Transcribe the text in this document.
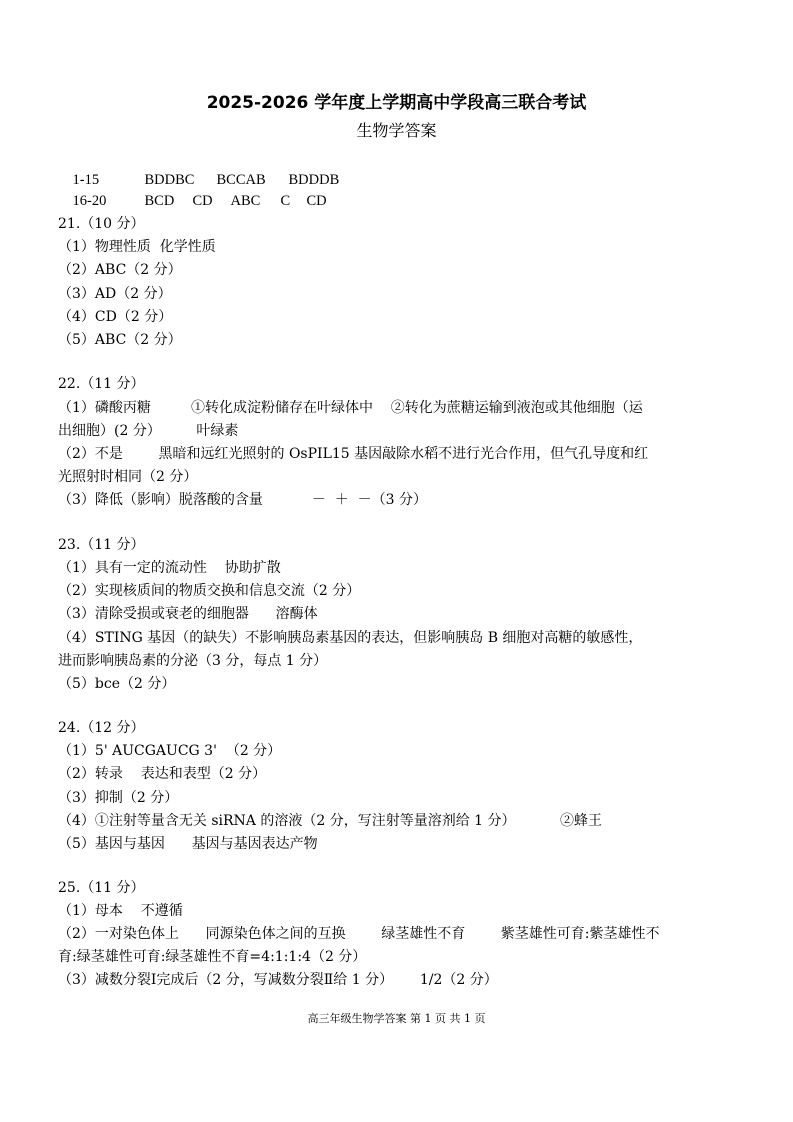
2025-2026 学年度上学期高中学段高三联合考试
生物学答案

1-15	BDDBC BCCAB BDDDB

16-20	BCD CD ABC C CD

21.（10 分）
（1）物理性质  化学性质
（2）ABC（2 分）
（3）AD（2 分）
（4）CD（2 分）
（5）ABC（2 分）
22.（11 分）
（1）磷酸丙糖         ①转化成淀粉储存在叶绿体中    ②转化为蔗糖运输到液泡或其他细胞（运
出细胞）(2 分）        叶绿素
（2）不是        黑暗和远红光照射的 OsPIL15 基因敲除水稻不进行光合作用，但气孔导度和红
光照射时相同（2 分）
（3）降低（影响）脱落酸的含量           －  ＋  －（3 分）
23.（11 分）
（1）具有一定的流动性    协助扩散
（2）实现核质间的物质交换和信息交流（2 分）
（3）清除受损或衰老的细胞器      溶酶体
（4）STING 基因（的缺失）不影响胰岛素基因的表达，但影响胰岛 B 细胞对高糖的敏感性，
进而影响胰岛素的分泌（3 分，每点 1 分）
（5）bce（2 分）
24.（12 分）
（1）5' AUCGAUCG 3'  （2 分）
（2）转录    表达和表型（2 分）
（3）抑制（2 分）
（4）①注射等量含无关 siRNA 的溶液（2 分，写注射等量溶剂给 1 分）          ②蜂王
（5）基因与基因      基因与基因表达产物
25.（11 分）
（1）母本    不遵循
（2）一对染色体上      同源染色体之间的互换        绿茎雄性不育        紫茎雄性可育:紫茎雄性不
育:绿茎雄性可育:绿茎雄性不育=4:1:1:4（2 分）
（3）减数分裂Ⅰ完成后（2 分，写减数分裂Ⅱ给 1 分）      1/2（2 分）
高三年级生物学答案 第 1 页 共 1 页
